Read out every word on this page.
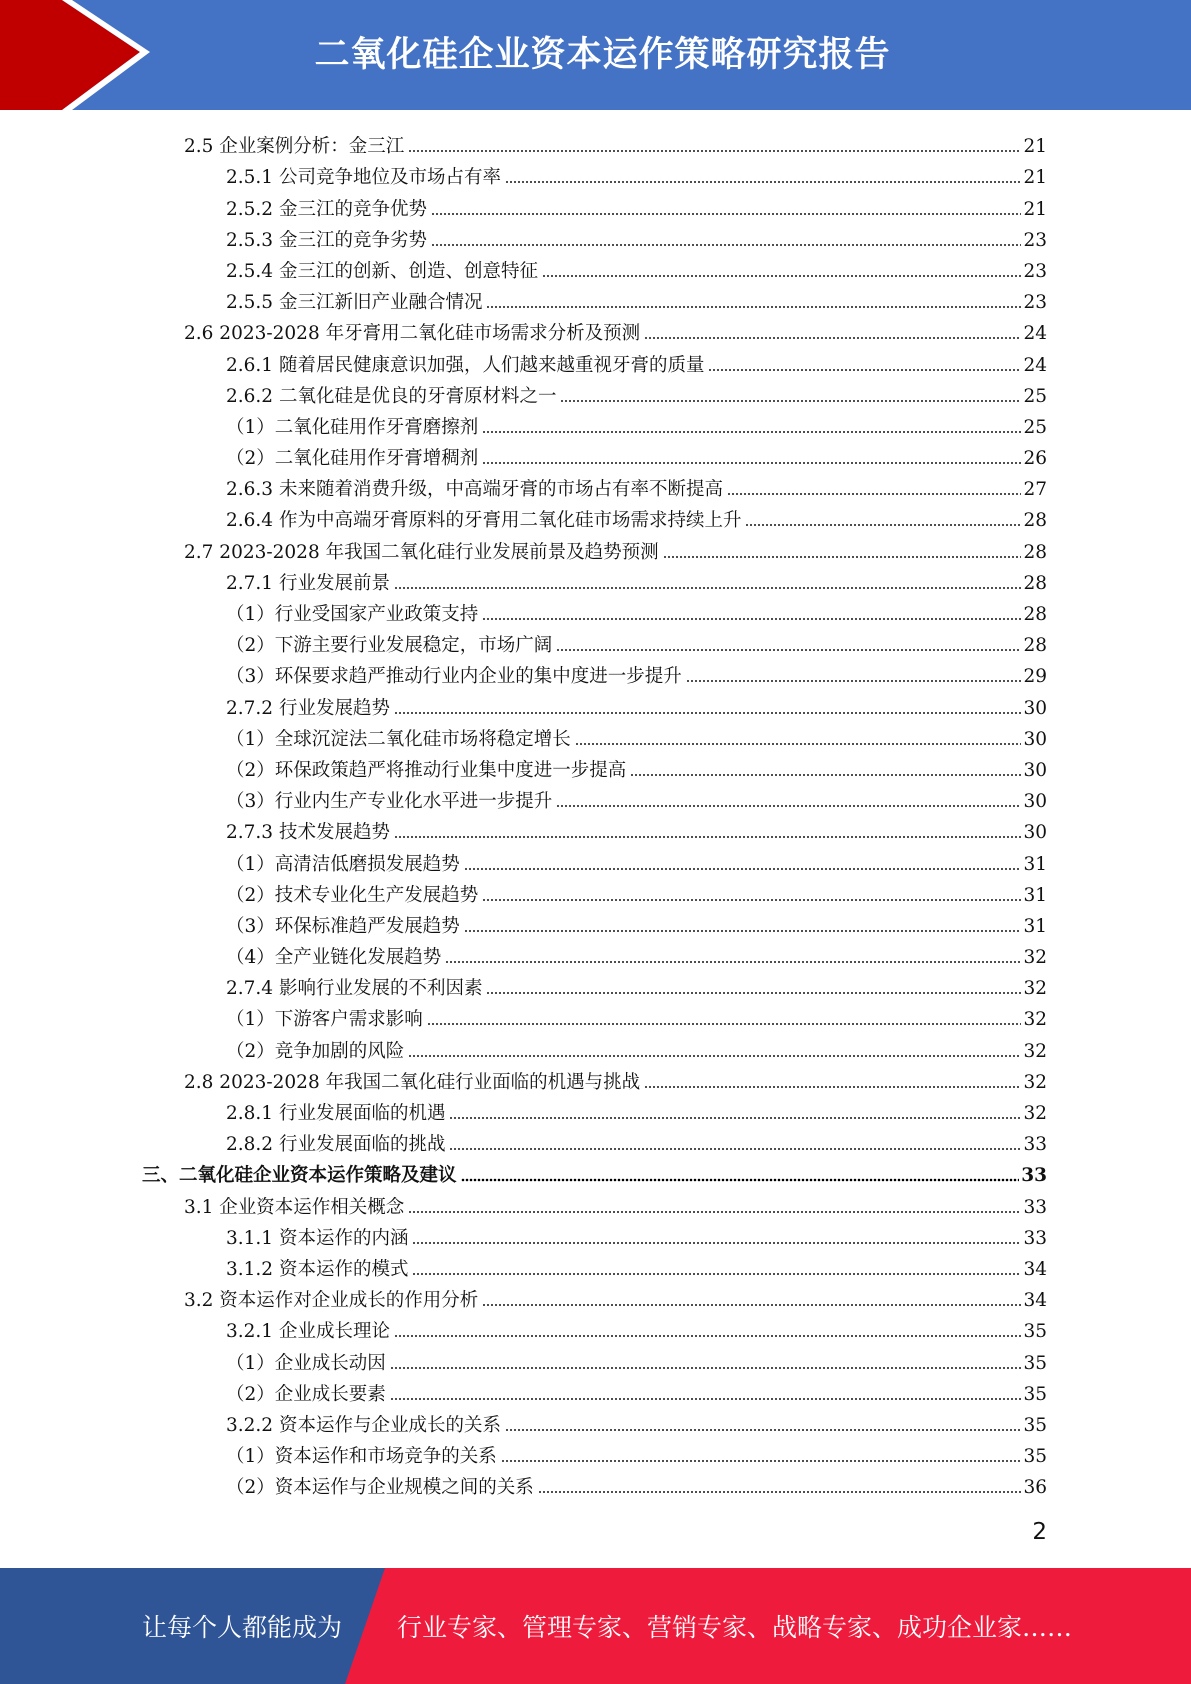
二氧化硅企业资本运作策略研究报告
2.5 企业案例分析：金三江	21
2.5.1 公司竞争地位及市场占有率	21
2.5.2 金三江的竞争优势	21
2.5.3 金三江的竞争劣势	23
2.5.4 金三江的创新、创造、创意特征	23
2.5.5 金三江新旧产业融合情况	23
2.6 2023-2028 年牙膏用二氧化硅市场需求分析及预测	24
2.6.1 随着居民健康意识加强，人们越来越重视牙膏的质量	24
2.6.2 二氧化硅是优良的牙膏原材料之一	25
（1）二氧化硅用作牙膏磨擦剂	25
（2）二氧化硅用作牙膏增稠剂	26
2.6.3 未来随着消费升级，中高端牙膏的市场占有率不断提高	27
2.6.4 作为中高端牙膏原料的牙膏用二氧化硅市场需求持续上升	28
2.7 2023-2028 年我国二氧化硅行业发展前景及趋势预测	28
2.7.1 行业发展前景	28
（1）行业受国家产业政策支持	28
（2）下游主要行业发展稳定，市场广阔	28
（3）环保要求趋严推动行业内企业的集中度进一步提升	29
2.7.2 行业发展趋势	30
（1）全球沉淀法二氧化硅市场将稳定增长	30
（2）环保政策趋严将推动行业集中度进一步提高	30
（3）行业内生产专业化水平进一步提升	30
2.7.3 技术发展趋势	30
（1）高清洁低磨损发展趋势	31
（2）技术专业化生产发展趋势	31
（3）环保标准趋严发展趋势	31
（4）全产业链化发展趋势	32
2.7.4 影响行业发展的不利因素	32
（1）下游客户需求影响	32
（2）竞争加剧的风险	32
2.8 2023-2028 年我国二氧化硅行业面临的机遇与挑战	32
2.8.1 行业发展面临的机遇	32
2.8.2 行业发展面临的挑战	33
三、二氧化硅企业资本运作策略及建议	33
3.1 企业资本运作相关概念	33
3.1.1 资本运作的内涵	33
3.1.2 资本运作的模式	34
3.2 资本运作对企业成长的作用分析	34
3.2.1 企业成长理论	35
（1）企业成长动因	35
（2）企业成长要素	35
3.2.2 资本运作与企业成长的关系	35
（1）资本运作和市场竞争的关系	35
（2）资本运作与企业规模之间的关系	36
2
让每个人都能成为 行业专家、管理专家、营销专家、战略专家、成功企业家……
